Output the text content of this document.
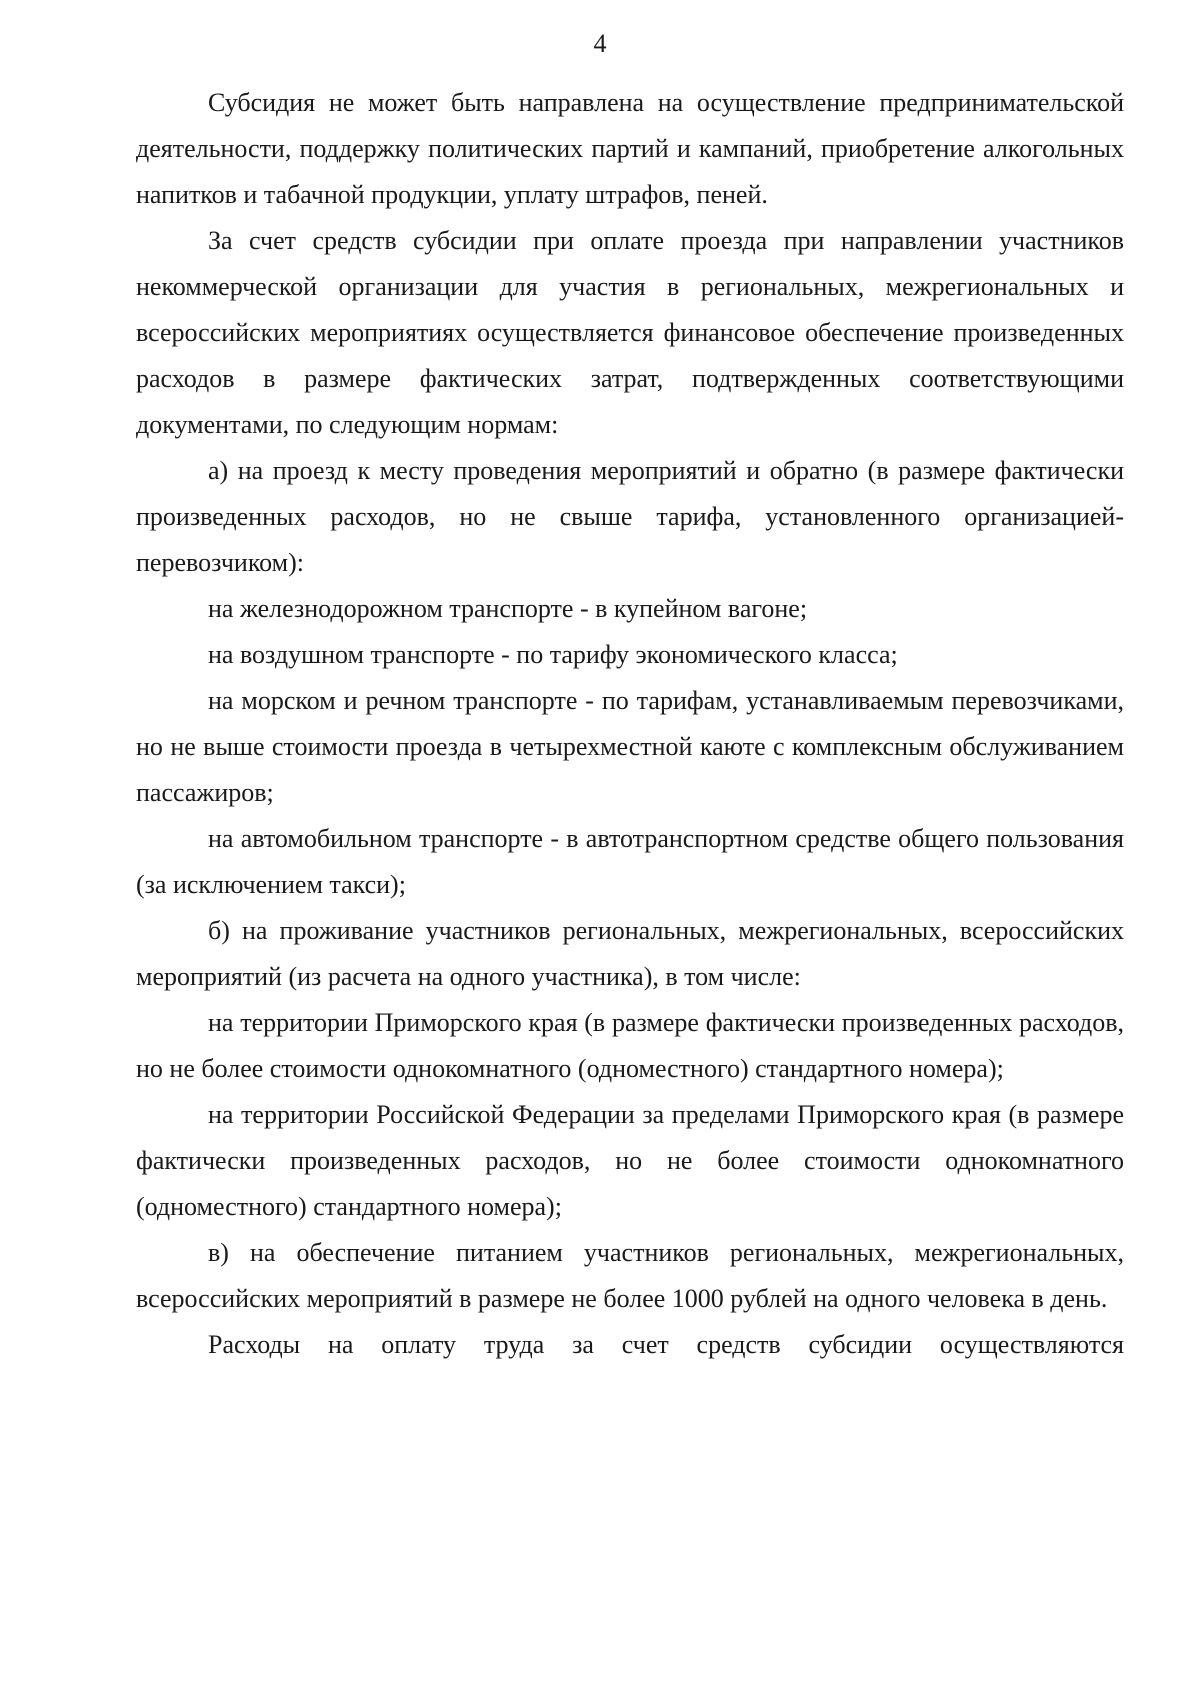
4

Субсидия не может быть направлена на осуществление предпринимательской деятельности, поддержку политических партий и кампаний, приобретение алкогольных напитков и табачной продукции, уплату штрафов, пеней.

За счет средств субсидии при оплате проезда при направлении участников некоммерческой организации для участия в региональных, межрегиональных и всероссийских мероприятиях осуществляется финансовое обеспечение произведенных расходов в размере фактических затрат, подтвержденных соответствующими документами, по следующим нормам:

а) на проезд к месту проведения мероприятий и обратно (в размере фактически произведенных расходов, но не свыше тарифа, установленного организацией-перевозчиком):

на железнодорожном транспорте - в купейном вагоне;

на воздушном транспорте - по тарифу экономического класса;

на морском и речном транспорте - по тарифам, устанавливаемым перевозчиками, но не выше стоимости проезда в четырехместной каюте с комплексным обслуживанием пассажиров;

на автомобильном транспорте - в автотранспортном средстве общего пользования (за исключением такси);

б) на проживание участников региональных, межрегиональных, всероссийских мероприятий (из расчета на одного участника), в том числе:

на территории Приморского края (в размере фактически произведенных расходов, но не более стоимости однокомнатного (одноместного) стандартного номера);

на территории Российской Федерации за пределами Приморского края (в размере фактически произведенных расходов, но не более стоимости однокомнатного (одноместного) стандартного номера);

в) на обеспечение питанием участников региональных, межрегиональных, всероссийских мероприятий в размере не более 1000 рублей на одного человека в день.

Расходы на оплату труда за счет средств субсидии осуществляются
